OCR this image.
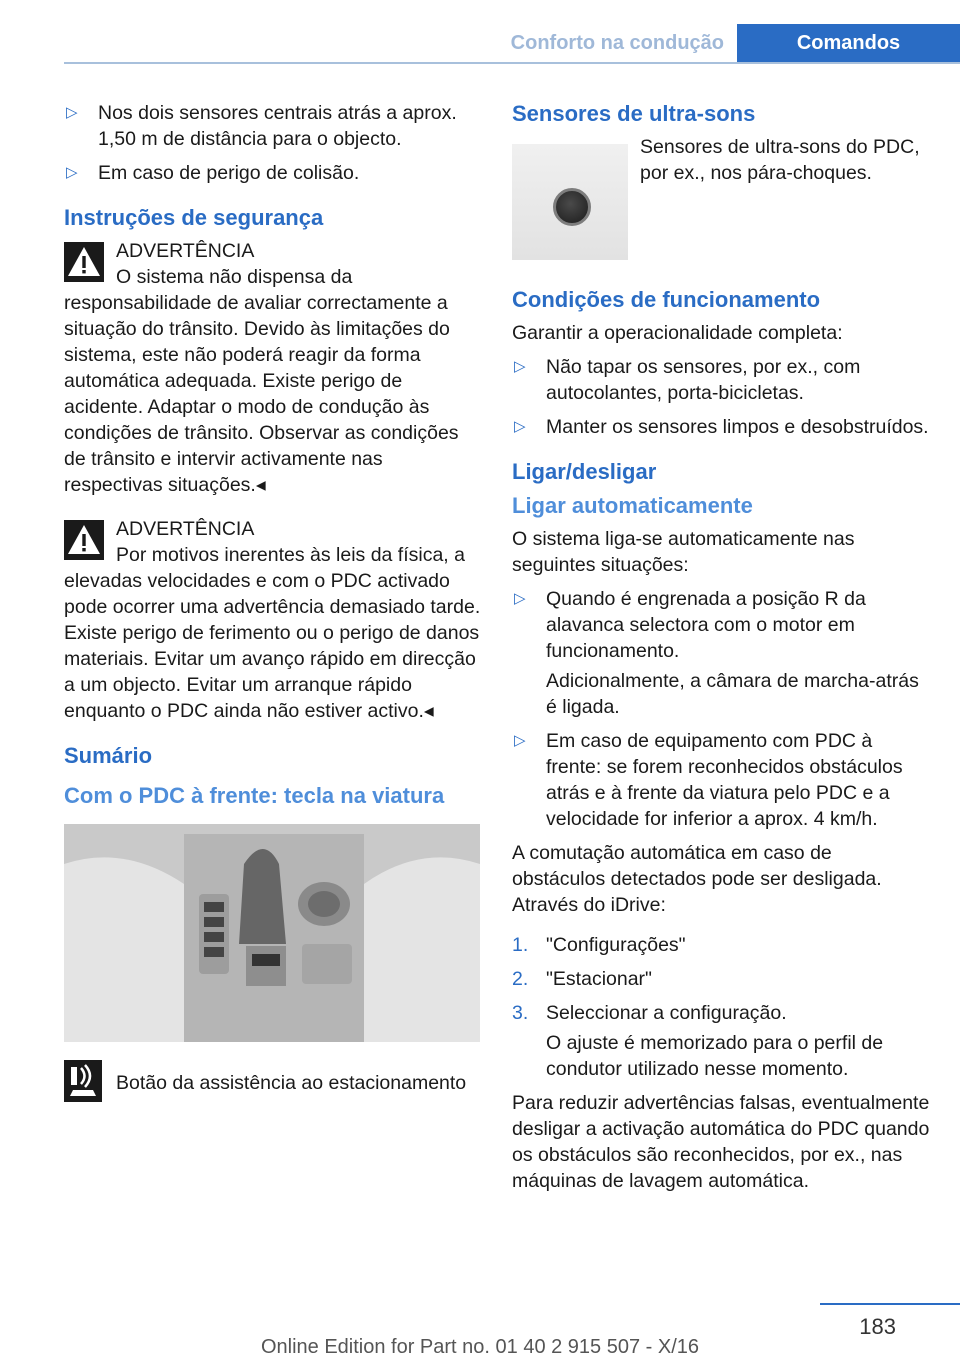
Conforto na condução	Comandos
▷ Nos dois sensores centrais atrás a aprox. 1,50 m de distância para o objecto.
▷ Em caso de perigo de colisão.
Instruções de segurança
ADVERTÊNCIA
O sistema não dispensa da responsabilidade de avaliar correctamente a situação do trânsito. Devido às limitações do sistema, este não poderá reagir da forma automática adequada. Existe perigo de acidente. Adaptar o modo de condução às condições de trânsito. Observar as condições de trânsito e intervir activamente nas respectivas situações.◂
ADVERTÊNCIA
Por motivos inerentes às leis da física, a elevadas velocidades e com o PDC activado pode ocorrer uma advertência demasiado tarde. Existe perigo de ferimento ou o perigo de danos materiais. Evitar um avanço rápido em direcção a um objecto. Evitar um arranque rápido enquanto o PDC ainda não estiver activo.◂
Sumário
Com o PDC à frente: tecla na viatura
Botão da assistência ao estacionamento
Sensores de ultra-sons
Sensores de ultra-sons do PDC, por ex., nos pára-choques.
Condições de funcionamento

Garantir a operacionalidade completa:

▷ Não tapar os sensores, por ex., com autocolantes, porta-bicicletas.
▷ Manter os sensores limpos e desobstruídos.
Ligar/desligar
Ligar automaticamente

O sistema liga-se automaticamente nas seguintes situações:

▷ Quando é engrenada a posição R da alavanca selectora com o motor em funcionamento.
Adicionalmente, a câmara de marcha-atrás é ligada.
▷ Em caso de equipamento com PDC à frente: se forem reconhecidos obstáculos atrás e à frente da viatura pelo PDC e a velocidade for inferior a aprox. 4 km/h.

A comutação automática em caso de obstáculos detectados pode ser desligada. Através do iDrive:

1. "Configurações"
2. "Estacionar"
3. Seleccionar a configuração.
O ajuste é memorizado para o perfil de condutor utilizado nesse momento.

Para reduzir advertências falsas, eventualmente desligar a activação automática do PDC quando os obstáculos são reconhecidos, por ex., nas máquinas de lavagem automática.

183
Online Edition for Part no. 01 40 2 915 507 - X/16
